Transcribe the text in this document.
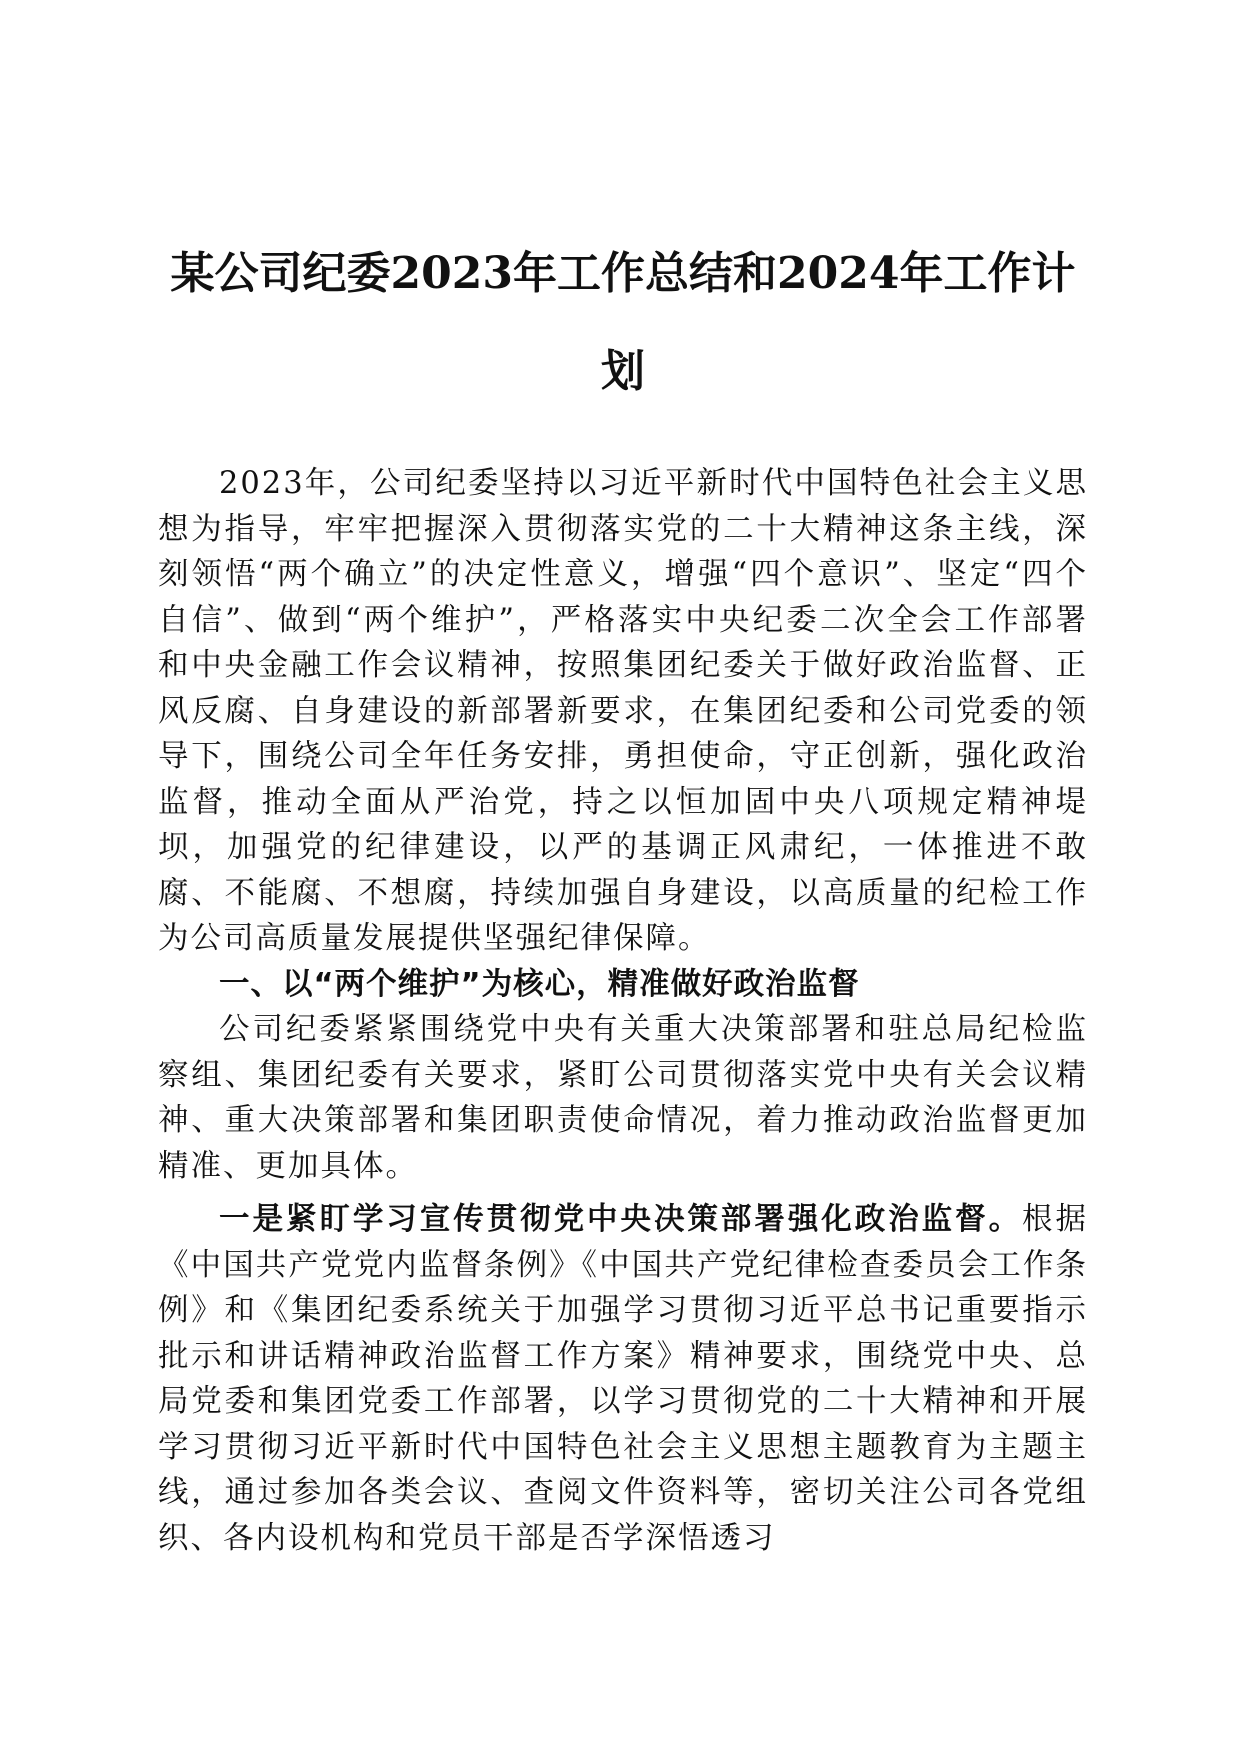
某公司纪委2023年工作总结和2024年工作计划

2023年，公司纪委坚持以习近平新时代中国特色社会主义思想为指导，牢牢把握深入贯彻落实党的二十大精神这条主线，深刻领悟“两个确立”的决定性意义，增强“四个意识”、坚定“四个自信”、做到“两个维护”，严格落实中央纪委二次全会工作部署和中央金融工作会议精神，按照集团纪委关于做好政治监督、正风反腐、自身建设的新部署新要求，在集团纪委和公司党委的领导下，围绕公司全年任务安排，勇担使命，守正创新，强化政治监督，推动全面从严治党，持之以恒加固中央八项规定精神堤坝，加强党的纪律建设，以严的基调正风肃纪，一体推进不敢腐、不能腐、不想腐，持续加强自身建设，以高质量的纪检工作为公司高质量发展提供坚强纪律保障。

一、以“两个维护”为核心，精准做好政治监督

公司纪委紧紧围绕党中央有关重大决策部署和驻总局纪检监察组、集团纪委有关要求，紧盯公司贯彻落实党中央有关会议精神、重大决策部署和集团职责使命情况，着力推动政治监督更加精准、更加具体。

一是紧盯学习宣传贯彻党中央决策部署强化政治监督。根据《中国共产党党内监督条例》《中国共产党纪律检查委员会工作条例》和《集团纪委系统关于加强学习贯彻习近平总书记重要指示批示和讲话精神政治监督工作方案》精神要求，围绕党中央、总局党委和集团党委工作部署，以学习贯彻党的二十大精神和开展学习贯彻习近平新时代中国特色社会主义思想主题教育为主题主线，通过参加各类会议、查阅文件资料等，密切关注公司各党组织、各内设机构和党员干部是否学深悟透习
